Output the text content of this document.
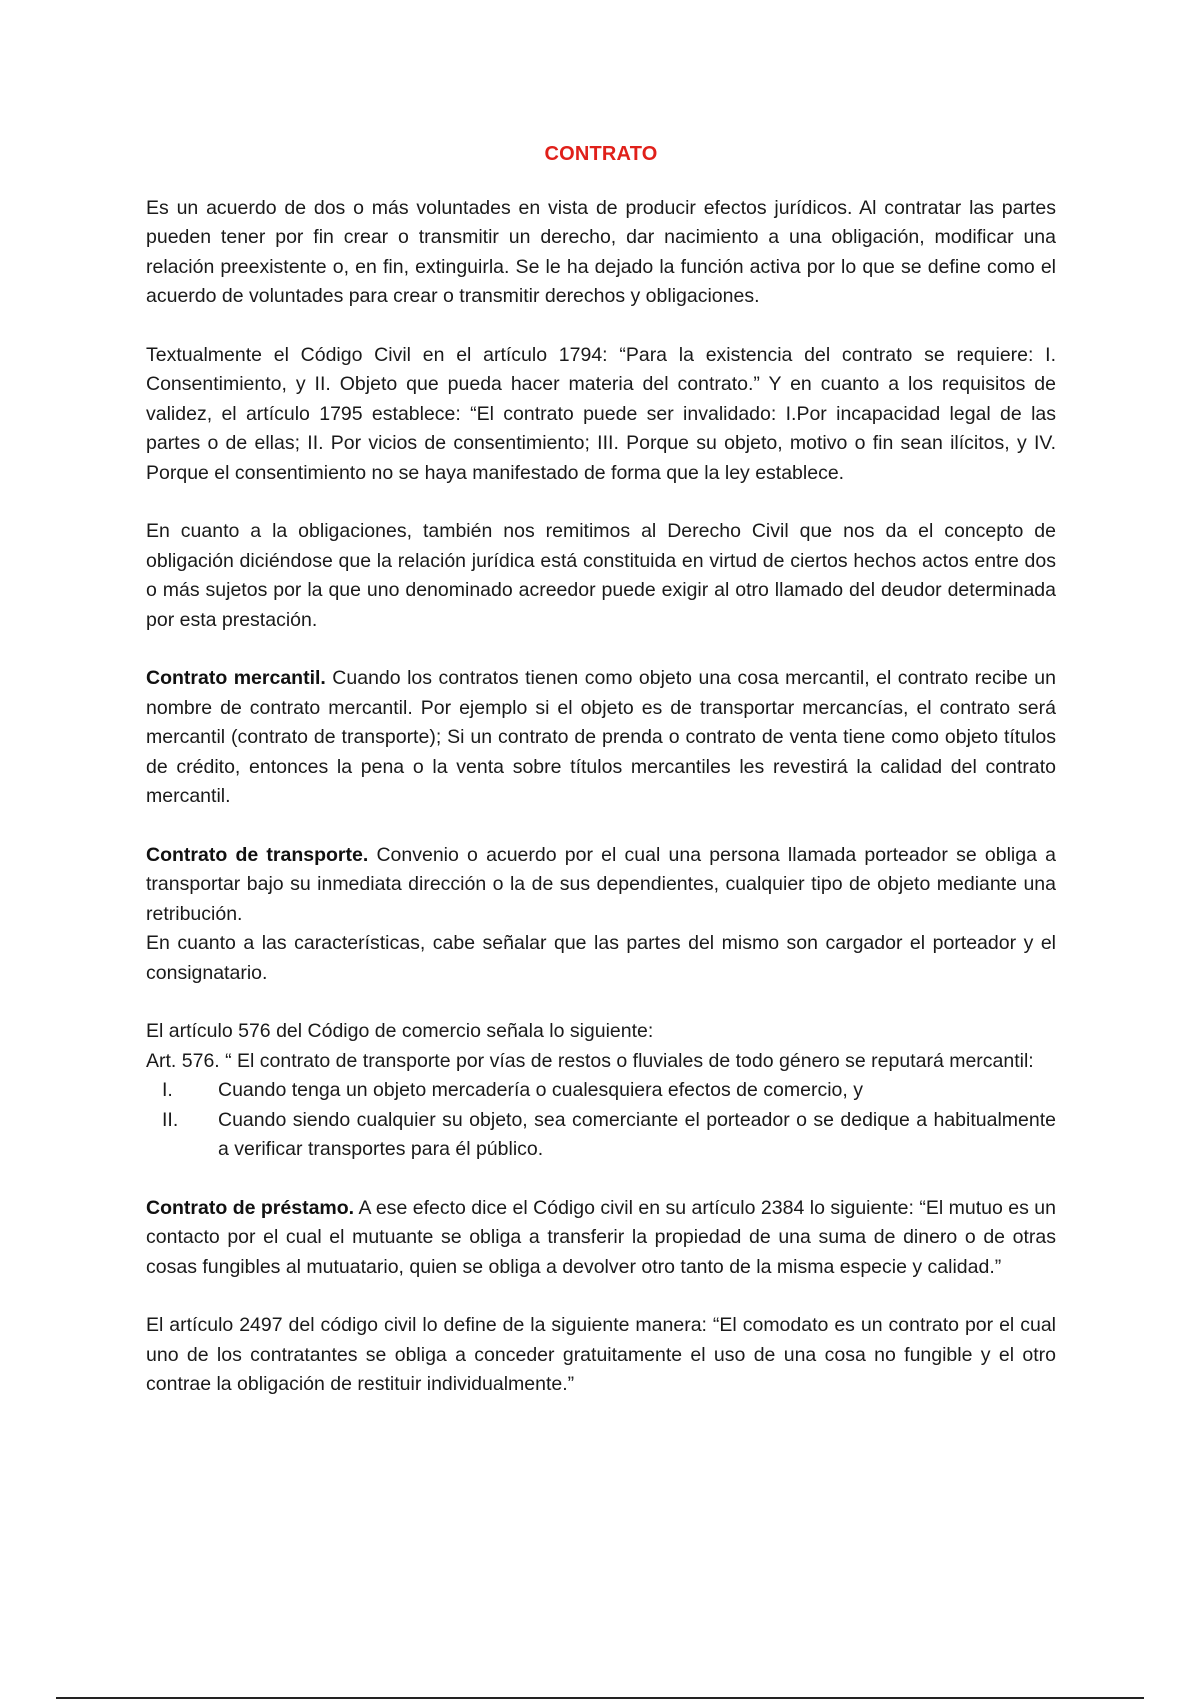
CONTRATO

Es un acuerdo de dos o más voluntades en vista de producir efectos jurídicos. Al contratar las partes pueden tener por fin crear o transmitir un derecho, dar nacimiento a una obligación, modificar una relación preexistente o, en fin, extinguirla. Se le ha dejado la función activa por lo que se define como el acuerdo de voluntades para crear o transmitir derechos y obligaciones.

Textualmente el Código Civil en el artículo 1794: “Para la existencia del contrato se requiere: I. Consentimiento, y II. Objeto que pueda hacer materia del contrato.” Y en cuanto a los requisitos de validez, el artículo 1795 establece: “El contrato puede ser invalidado: I.Por incapacidad legal de las partes o de ellas; II. Por vicios de consentimiento; III. Porque su objeto, motivo o fin sean ilícitos, y IV. Porque el consentimiento no se haya manifestado de forma que la ley establece.

En cuanto a la obligaciones, también nos remitimos al Derecho Civil que nos da el concepto de obligación diciéndose que la relación jurídica está constituida en virtud de ciertos hechos actos entre dos o más sujetos por la que uno denominado acreedor puede exigir al otro llamado del deudor determinada por esta prestación.

Contrato mercantil. Cuando los contratos tienen como objeto una cosa mercantil, el contrato recibe un nombre de contrato mercantil. Por ejemplo si el objeto es de transportar mercancías, el contrato será mercantil (contrato de transporte); Si un contrato de prenda o contrato de venta tiene como objeto títulos de crédito, entonces la pena o la venta sobre títulos mercantiles les revestirá la calidad del contrato mercantil.

Contrato de transporte. Convenio o acuerdo por el cual una persona llamada porteador se obliga a transportar bajo su inmediata dirección o la de sus dependientes, cualquier tipo de objeto mediante una retribución.

En cuanto a las características, cabe señalar que las partes del mismo son cargador el porteador y el consignatario.

El artículo 576 del Código de comercio señala lo siguiente:

Art. 576. “ El contrato de transporte por vías de restos o fluviales de todo género se reputará mercantil:

I. Cuando tenga un objeto mercadería o cualesquiera efectos de comercio, y
II. Cuando siendo cualquier su objeto, sea comerciante el porteador o se dedique a habitualmente a verificar transportes para él público.

Contrato de préstamo. A ese efecto dice el Código civil en su artículo 2384 lo siguiente: “El mutuo es un contacto por el cual el mutuante se obliga a transferir la propiedad de una suma de dinero o de otras cosas fungibles al mutuatario, quien se obliga a devolver otro tanto de la misma especie y calidad.”

El artículo 2497 del código civil lo define de la siguiente manera: “El comodato es un contrato por el cual uno de los contratantes se obliga a conceder gratuitamente el uso de una cosa no fungible y el otro contrae la obligación de restituir individualmente.”
